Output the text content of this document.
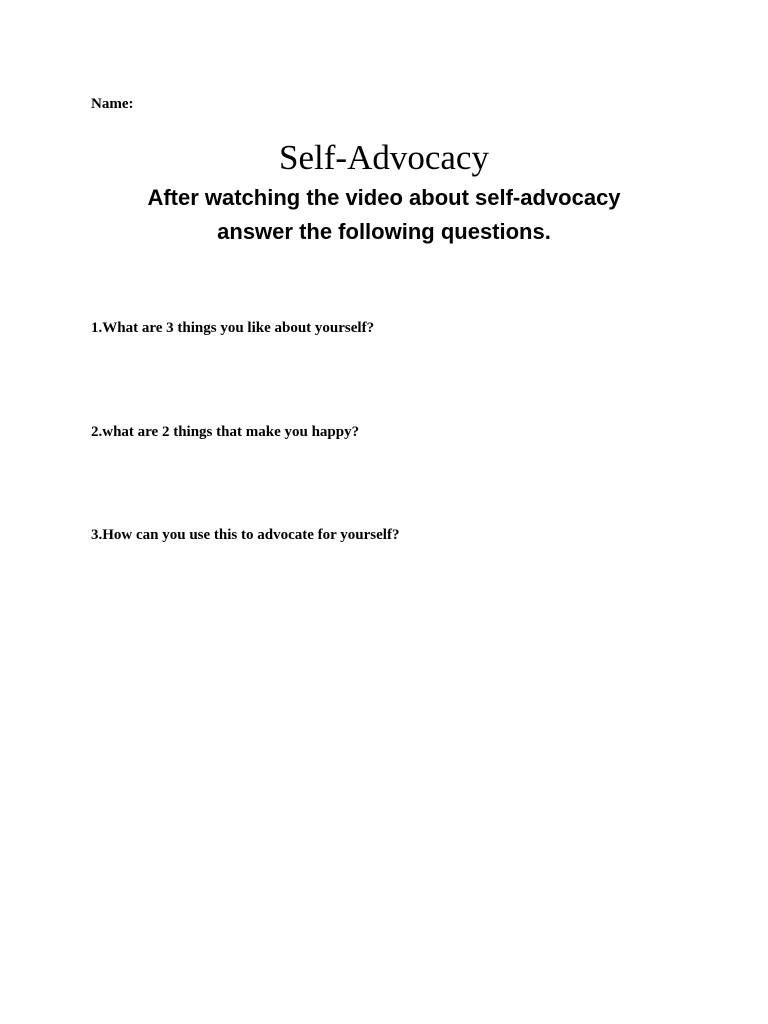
Name:
Self-Advocacy
After watching the video about self-advocacy
answer the following questions.
1.What are 3 things you like about yourself?
2.what are 2 things that make you happy?
3.How can you use this to advocate for yourself?
